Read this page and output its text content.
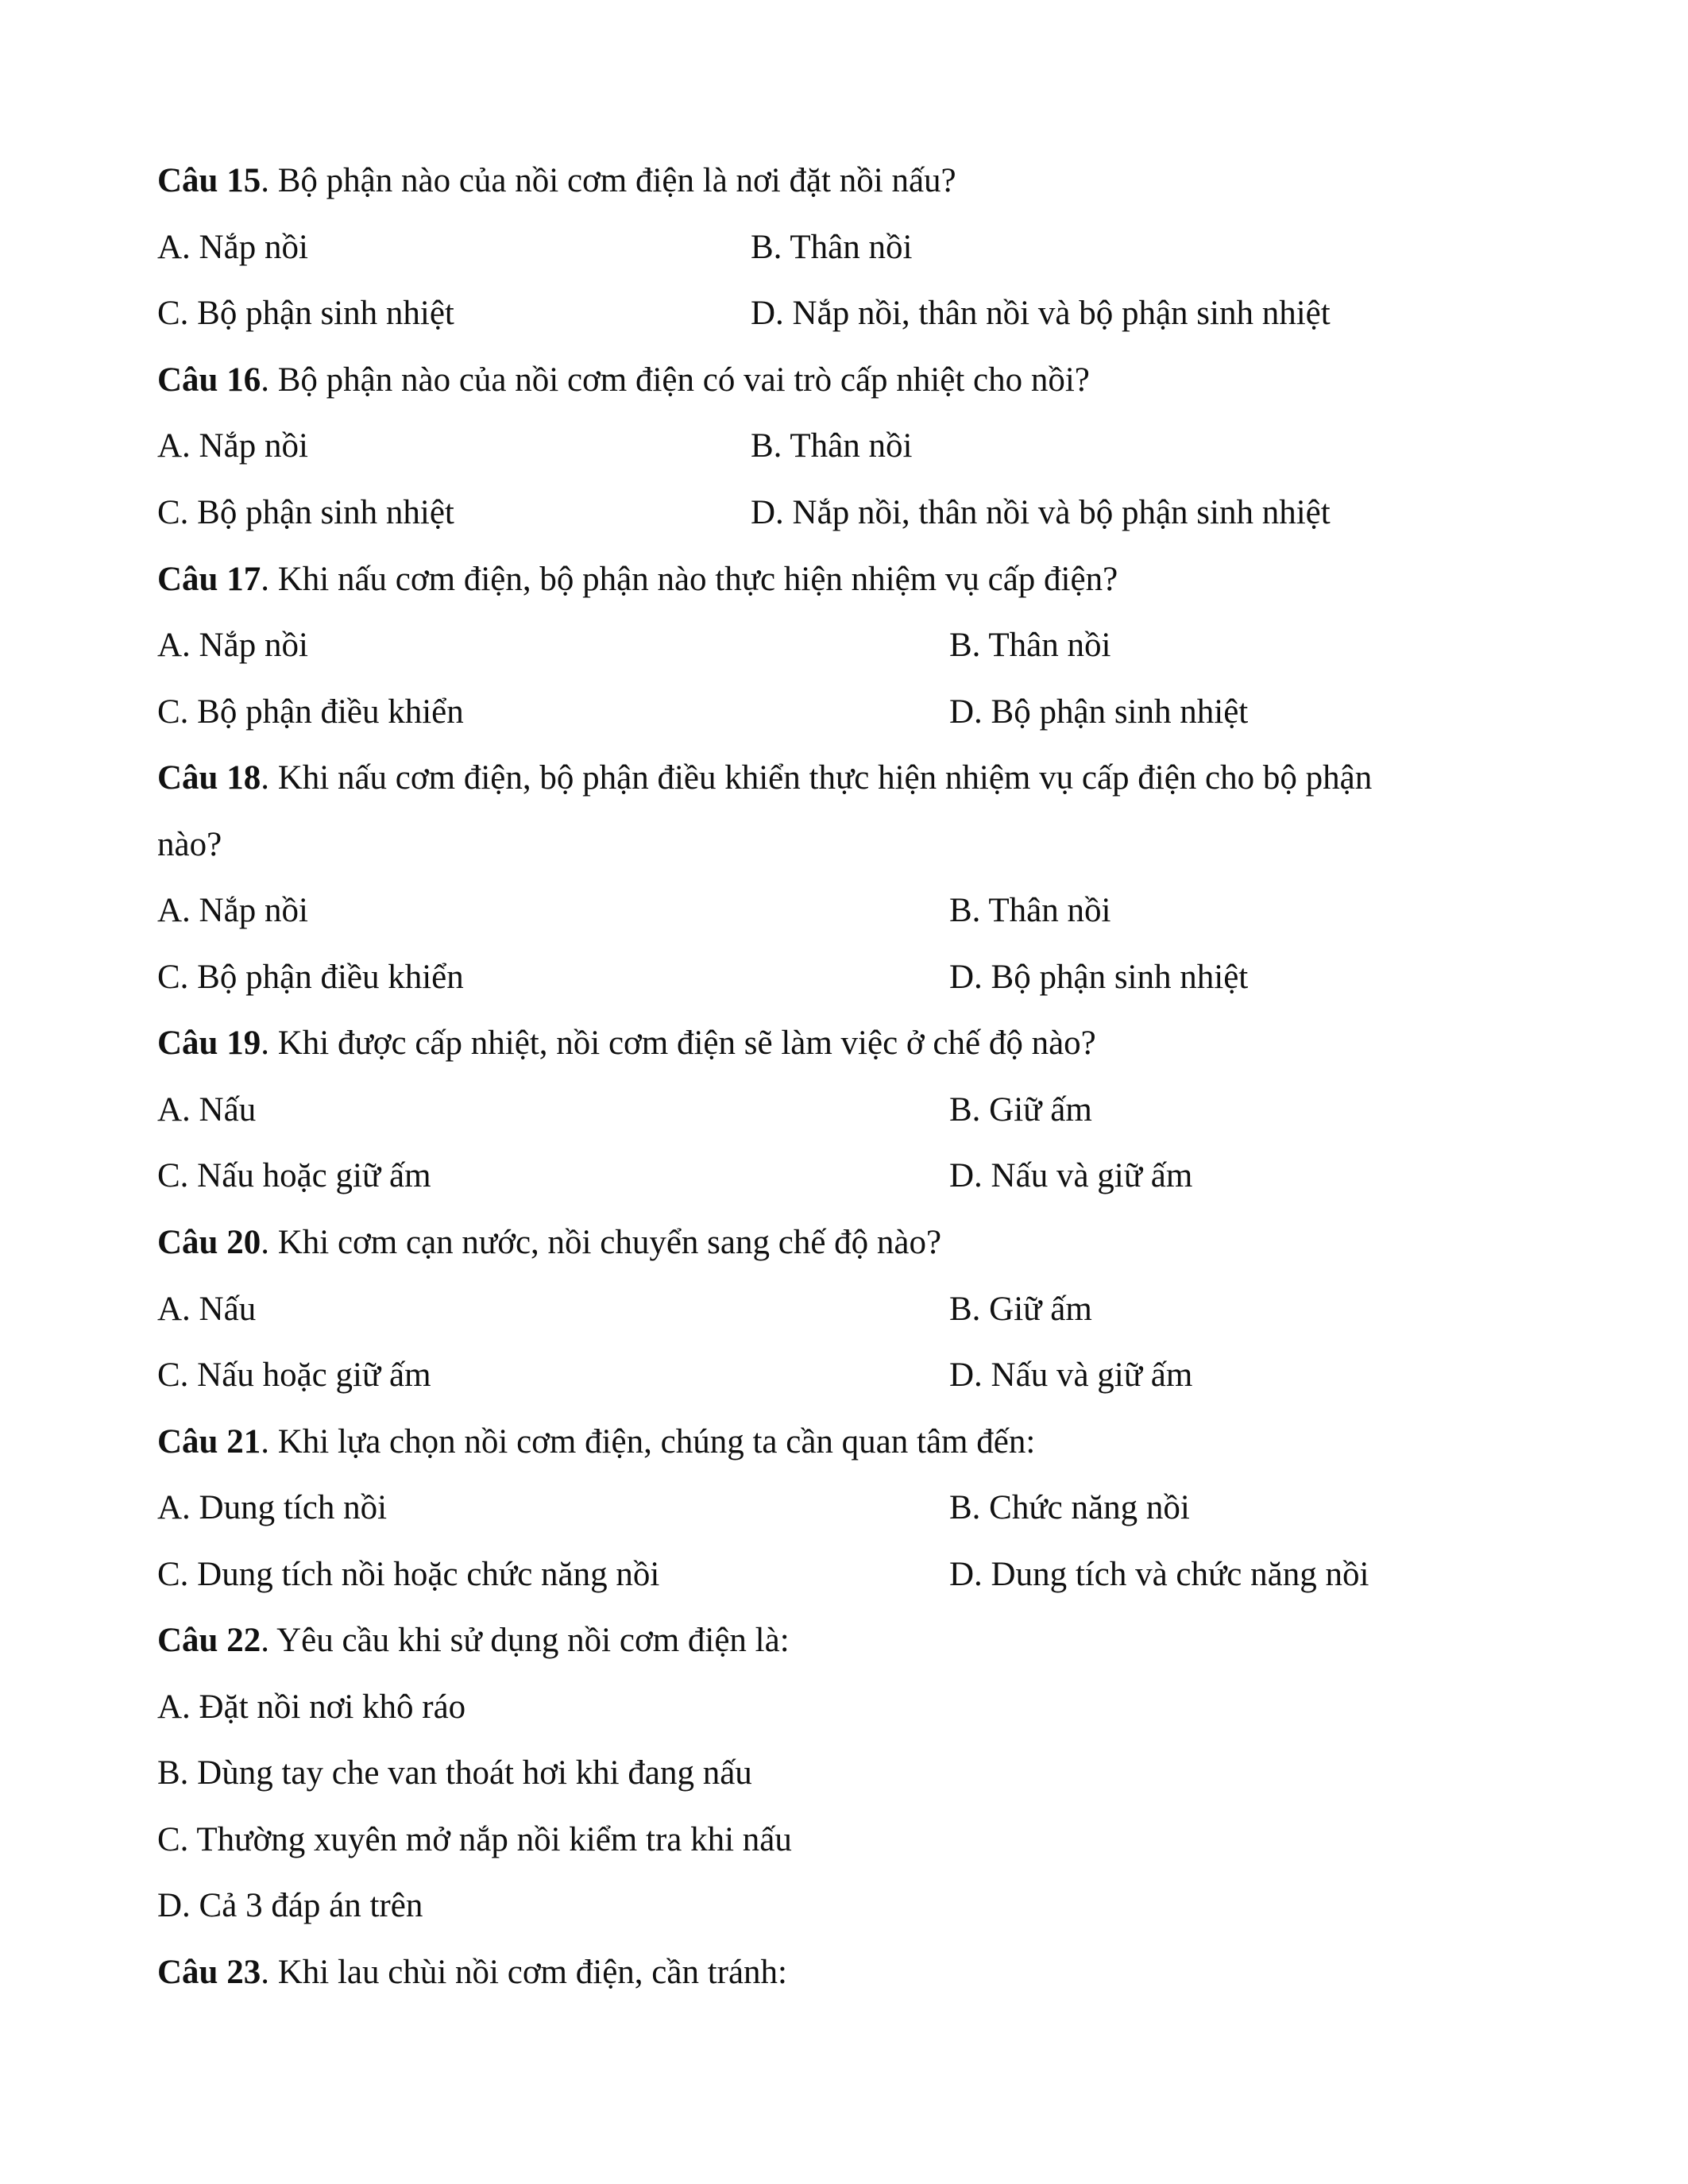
Câu 15. Bộ phận nào của nồi cơm điện là nơi đặt nồi nấu?
A. Nắp nồi	B. Thân nồi
C. Bộ phận sinh nhiệt	D. Nắp nồi, thân nồi và bộ phận sinh nhiệt
Câu 16. Bộ phận nào của nồi cơm điện có vai trò cấp nhiệt cho nồi?
A. Nắp nồi	B. Thân nồi
C. Bộ phận sinh nhiệt	D. Nắp nồi, thân nồi và bộ phận sinh nhiệt
Câu 17. Khi nấu cơm điện, bộ phận nào thực hiện nhiệm vụ cấp điện?
A. Nắp nồi	B. Thân nồi
C. Bộ phận điều khiển	D. Bộ phận sinh nhiệt
Câu 18. Khi nấu cơm điện, bộ phận điều khiển thực hiện nhiệm vụ cấp điện cho bộ phận
nào?
A. Nắp nồi	B. Thân nồi
C. Bộ phận điều khiển	D. Bộ phận sinh nhiệt
Câu 19. Khi được cấp nhiệt, nồi cơm điện sẽ làm việc ở chế độ nào?
A. Nấu	B. Giữ ấm
C. Nấu hoặc giữ ấm	D. Nấu và giữ ấm
Câu 20. Khi cơm cạn nước, nồi chuyển sang chế độ nào?
A. Nấu	B. Giữ ấm
C. Nấu hoặc giữ ấm	D. Nấu và giữ ấm
Câu 21. Khi lựa chọn nồi cơm điện, chúng ta cần quan tâm đến:
A. Dung tích nồi	B. Chức năng nồi
C. Dung tích nồi hoặc chức năng nồi	D. Dung tích và chức năng nồi
Câu 22. Yêu cầu khi sử dụng nồi cơm điện là:
A. Đặt nồi nơi khô ráo
B. Dùng tay che van thoát hơi khi đang nấu
C. Thường xuyên mở nắp nồi kiểm tra khi nấu
D. Cả 3 đáp án trên
Câu 23. Khi lau chùi nồi cơm điện, cần tránh:
